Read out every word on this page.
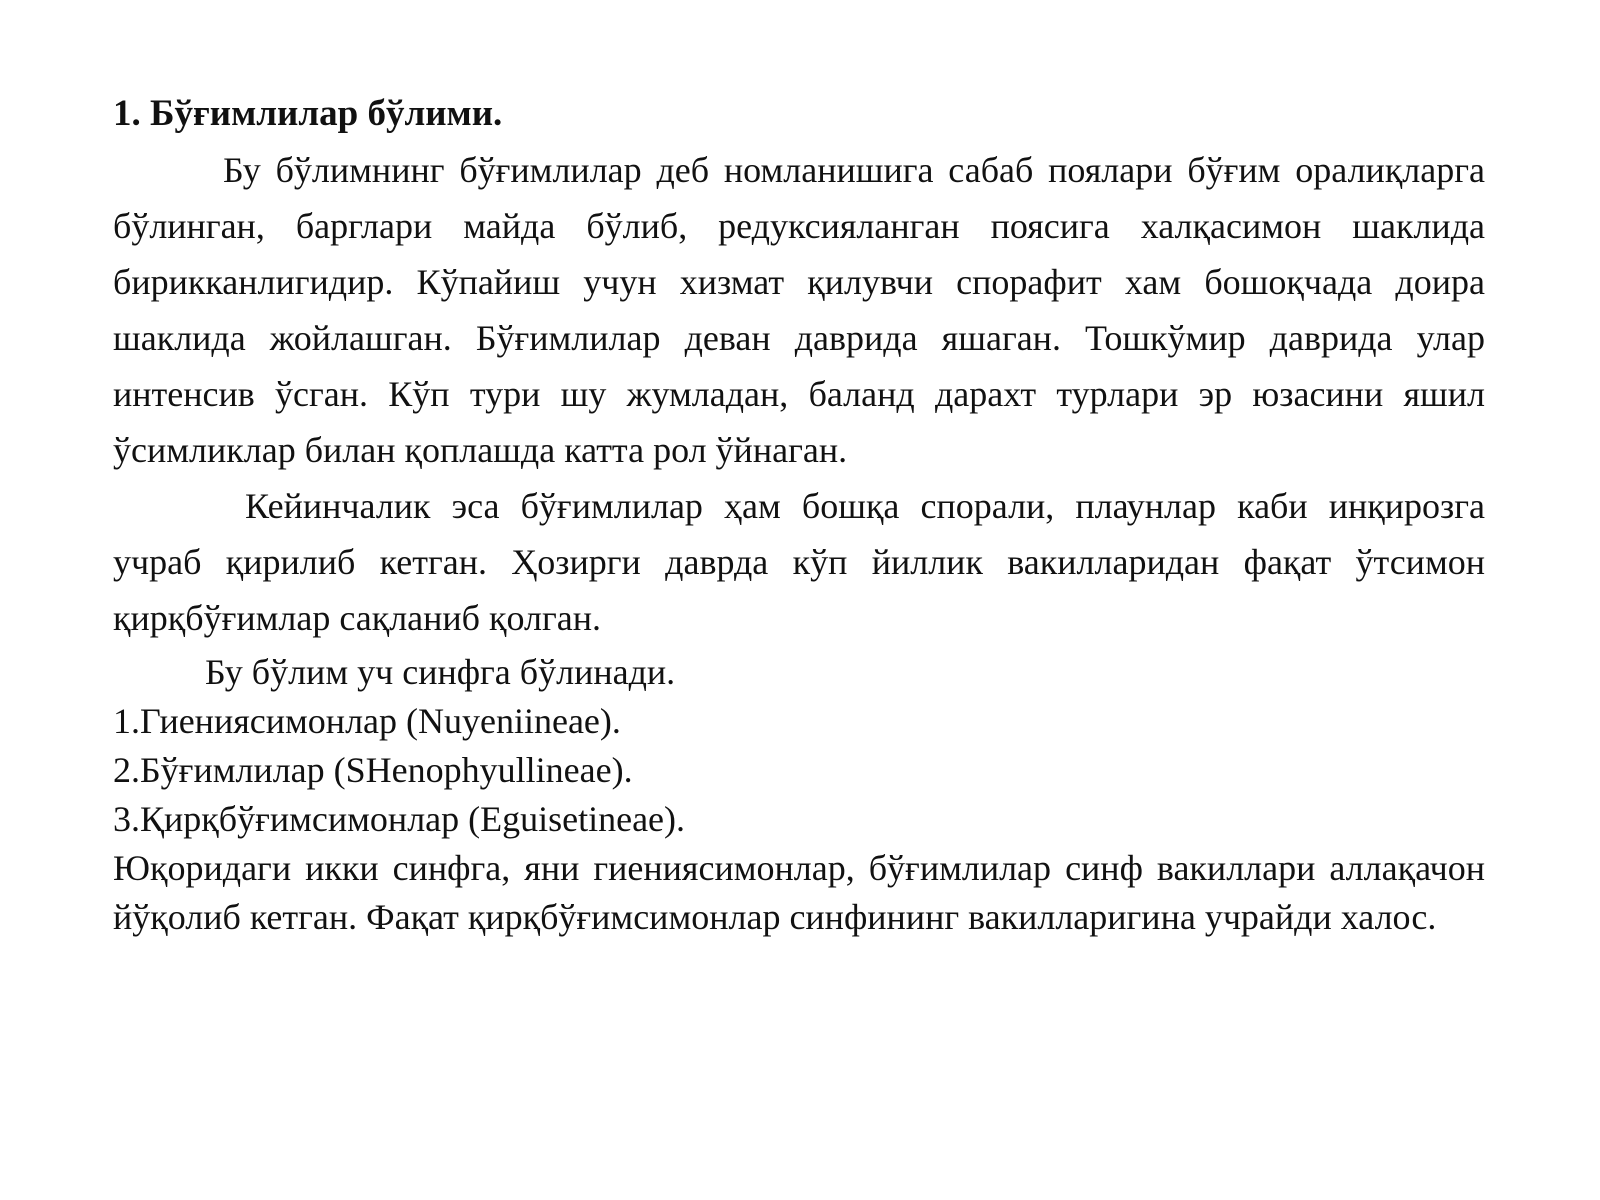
1. Бўғимлилар бўлими.

Бу бўлимнинг бўғимлилар деб номланишига сабаб поялари бўғим оралиқларга бўлинган, барглари майда бўлиб, редуксияланган поясига халқасимон шаклида бирикканлигидир. Кўпайиш учун хизмат қилувчи спорафит хам бошоқчада доира шаклида жойлашган. Бўғимлилар деван даврида яшаган. Тошкўмир даврида улар интенсив ўсган. Кўп тури шу жумладан, баланд дарахт турлари эр юзасини яшил ўсимликлар билан қоплашда катта рол ўйнаган.

Кейинчалик эса бўғимлилар ҳам бошқа спорали, плаунлар каби инқирозга учраб қирилиб кетган. Ҳозирги даврда кўп йиллик вакилларидан фақат ўтсимон қирқбўғимлар сақланиб қолган.

Бу бўлим уч синфга бўлинади.

1.Гиениясимонлар (Nuyeniineae).
2.Бўғимлилар (SHenophyullineae).
3.Қирқбўғимсимонлар (Eguisetineae).

Юқоридаги икки синфга, яни гиениясимонлар, бўғимлилар синф вакиллари аллақачон йўқолиб кетган. Фақат қирқбўғимсимонлар синфининг вакилларигина учрайди халос.
